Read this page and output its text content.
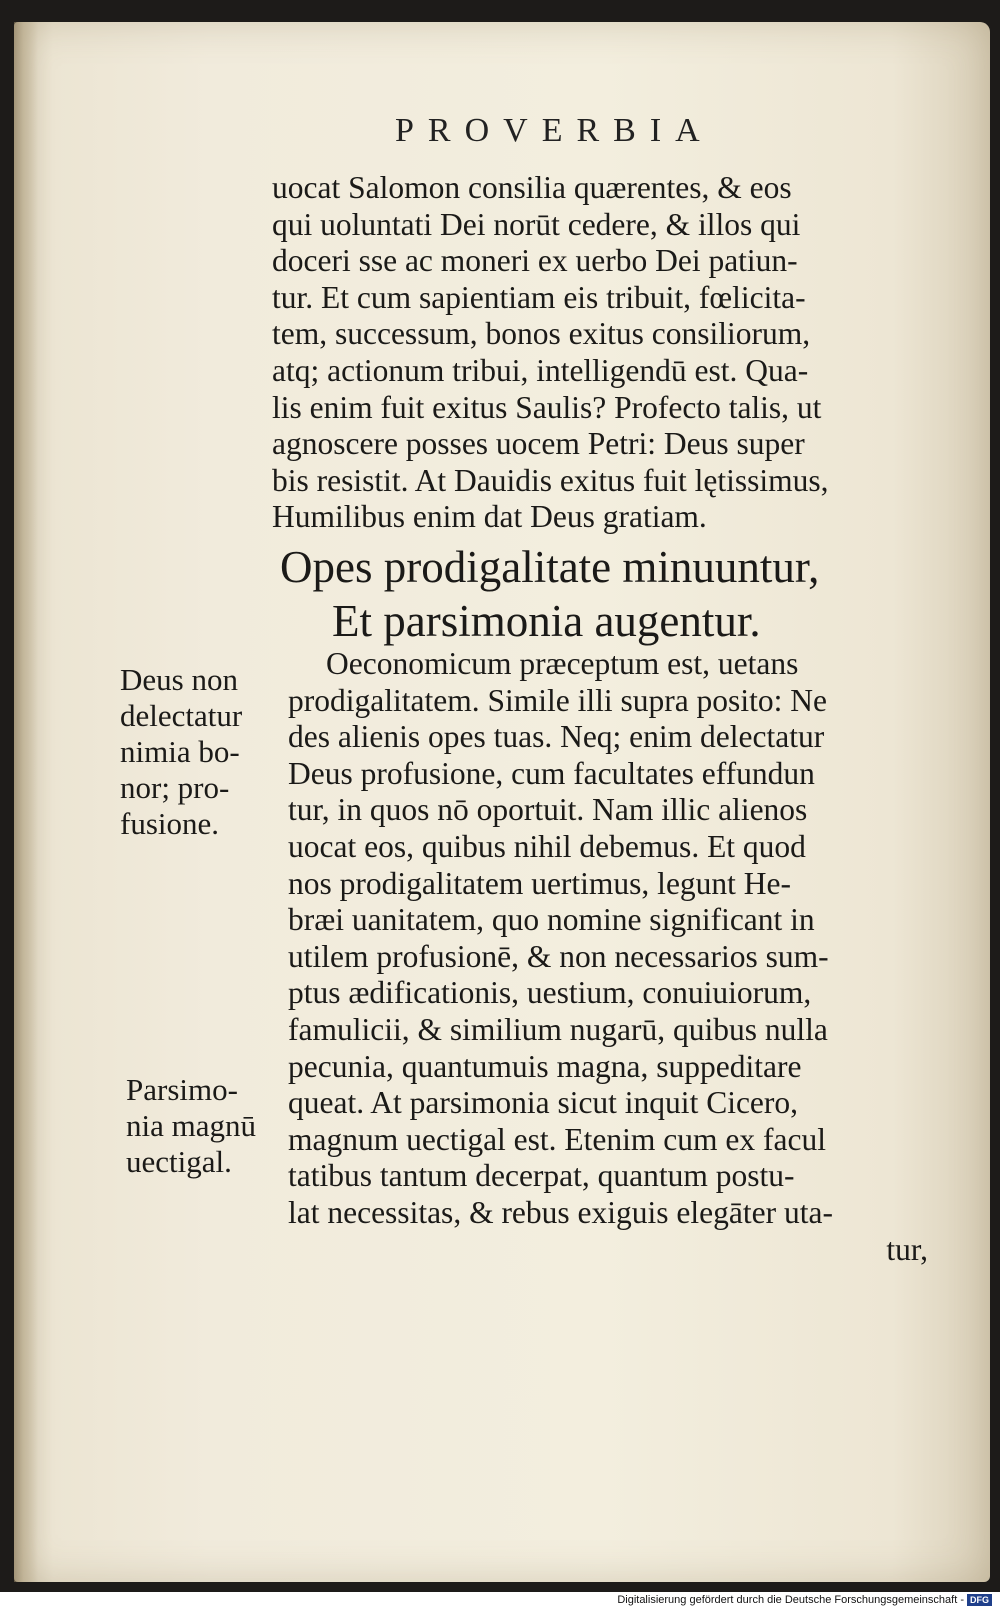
PROVERBIA
uocat Salomon consilia quærentes, & eos
qui uoluntati Dei norūt cedere, & illos qui
doceri sse ac moneri ex uerbo Dei patiun-
tur. Et cum sapientiam eis tribuit, fœlicita-
tem, successum, bonos exitus consiliorum,
atq; actionum tribui, intelligendū est. Qua-
lis enim fuit exitus Saulis? Profecto talis, ut
agnoscere posses uocem Petri: Deus super
bis resistit. At Dauidis exitus fuit lętissimus,
Humilibus enim dat Deus gratiam.
Opes prodigalitate minuuntur,
Et parsimonia augentur.
Oeconomicum præceptum est, uetans
prodigalitatem. Simile illi supra posito: Ne
des alienis opes tuas. Neq; enim delectatur
Deus profusione, cum facultates effundun
tur, in quos nō oportuit. Nam illic alienos
uocat eos, quibus nihil debemus. Et quod
nos prodigalitatem uertimus, legunt He-
bræi uanitatem, quo nomine significant in
utilem profusionē, & non necessarios sum-
ptus ædificationis, uestium, conuiuiorum,
famulicii, & similium nugarū, quibus nulla
pecunia, quantumuis magna, suppeditare
queat. At parsimonia sicut inquit Cicero,
magnum uectigal est. Etenim cum ex facul
tatibus tantum decerpat, quantum postu-
lat necessitas, & rebus exiguis elegāter uta-
tur,
Deus non
delectatur
nimia bo-
nor; pro-
fusione.
Parsimo-
nia magnū
uectigal.
Digitalisierung gefördert durch die Deutsche Forschungsgemeinschaft - DFG
